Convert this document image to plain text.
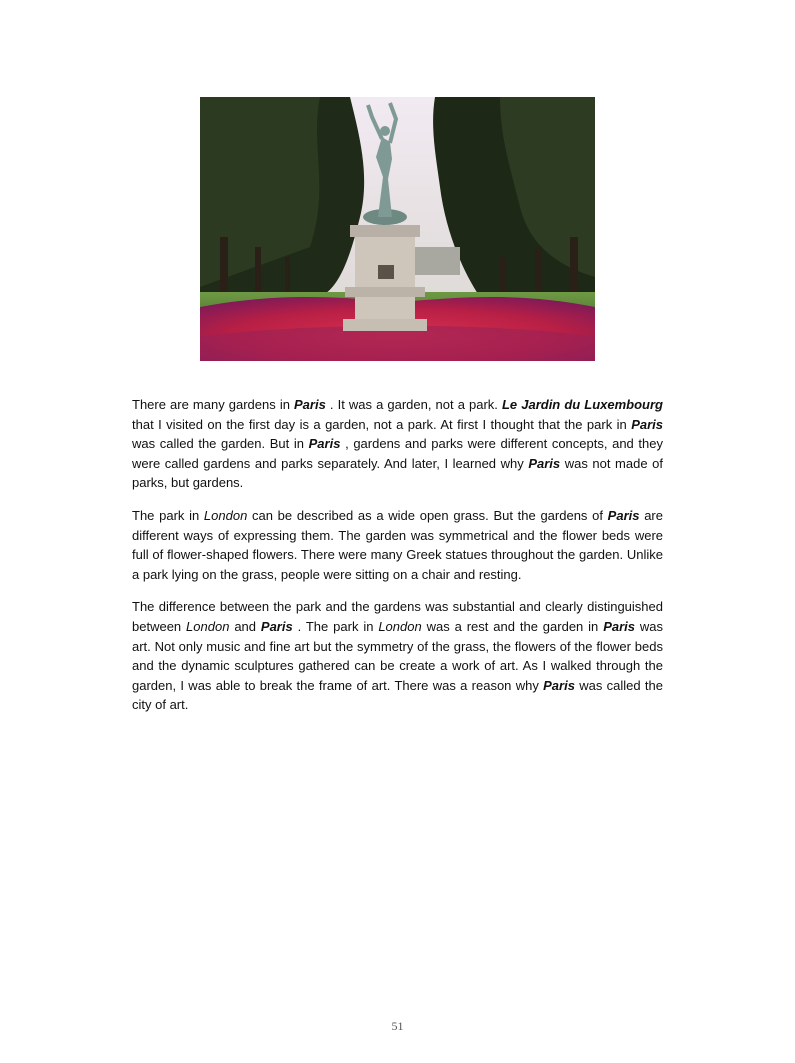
There are many gardens in Paris . It was a garden, not a park. Le Jardin du Luxembourg that I visited on the first day is a garden, not a park. At first I thought that the park in Paris was called the garden. But in Paris , gardens and parks were different concepts, and they were called gardens and parks separately. And later, I learned why Paris was not made of parks, but gardens.

The park in London can be described as a wide open grass. But the gardens of Paris are different ways of expressing them. The garden was symmetrical and the flower beds were full of flower-shaped flowers. There were many Greek statues throughout the garden. Unlike a park lying on the grass, people were sitting on a chair and resting.

The difference between the park and the gardens was substantial and clearly distinguished between London and Paris . The park in London was a rest and the garden in Paris was art. Not only music and fine art but the symmetry of the grass, the flowers of the flower beds and the dynamic sculptures gathered can be create a work of art. As I walked through the garden, I was able to break the frame of art. There was a reason why Paris was called the city of art.

51
